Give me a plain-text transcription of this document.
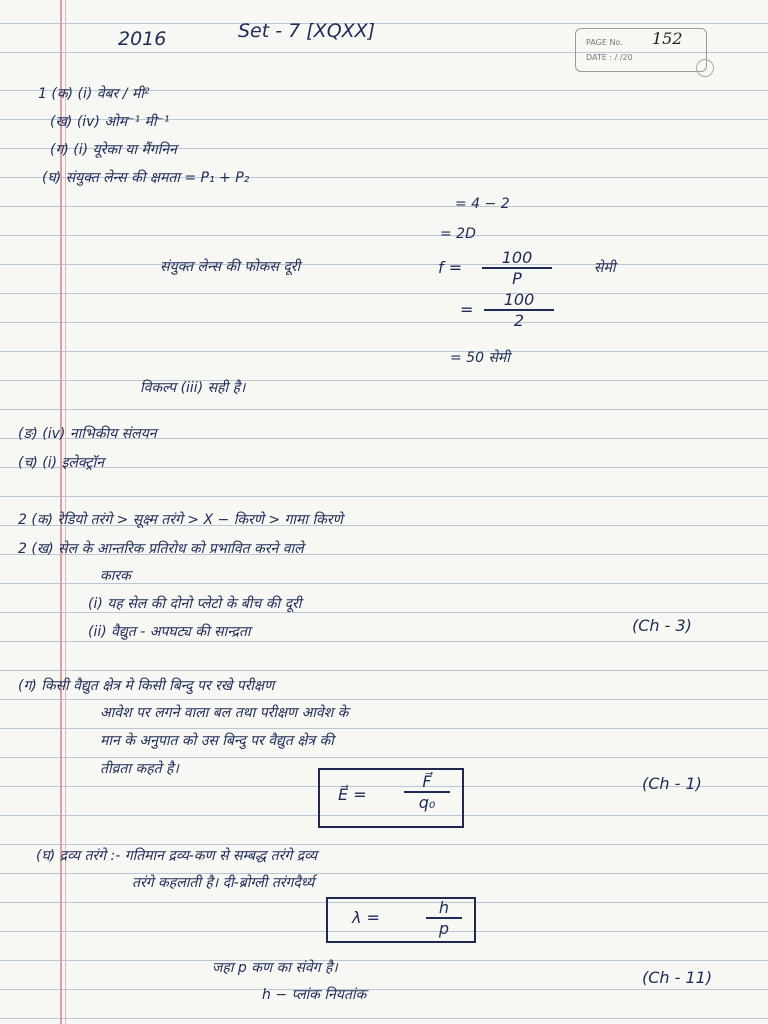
2016	Set - 7 [XQXX]
PAGE No. 152
DATE : / /20
1 (क) (i) वेबर / मी²
(ख) (iv) ओम⁻¹ मी⁻¹
(ग) (i) यूरेका या मैंगनिन
(घ) संयुक्त लेन्स की क्षमता = P₁ + P₂
= 4 − 2
= 2D
संयुक्त लेन्स की फोकस दूरी	$f = \frac{100}{P}$	सेमी
= $\frac{100}{2}$
= 50 सेमी
विकल्प (iii) सही है।
(ङ) (iv) नाभिकीय संलयन
(च) (i) इलेक्ट्रॉन
2 (क) रेडियो तरंगे > सूक्ष्म तरंगे > X − किरणे > गामा किरणे
2 (ख) सेल के आन्तरिक प्रतिरोध को प्रभावित करने वाले
कारक
(i) यह सेल की दोनो प्लेटो के बीच की दूरी
(ii) वैद्युत - अपघट्य की सान्द्रता	(Ch - 3)
(ग) किसी वैद्युत क्षेत्र मे किसी बिन्दु पर रखे परीक्षण
आवेश पर लगने वाला बल तथा परीक्षण आवेश के
मान के अनुपात को उस बिन्दु पर वैद्युत क्षेत्र की
तीव्रता कहते है।
E⃗ = $\frac{F⃗}{\text{q₀}}$	(Ch - 1)
(घ) द्रव्य तरंगे :- गतिमान द्रव्य-कण से सम्बद्ध तरंगे द्रव्य
तरंगे कहलाती है। दी-ब्रोग्ली तरंगदैर्ध्य
λ =	$\frac{h}{p}$
जहा p कण का संवेग है।
h − प्लांक नियतांक
(Ch - 11)
